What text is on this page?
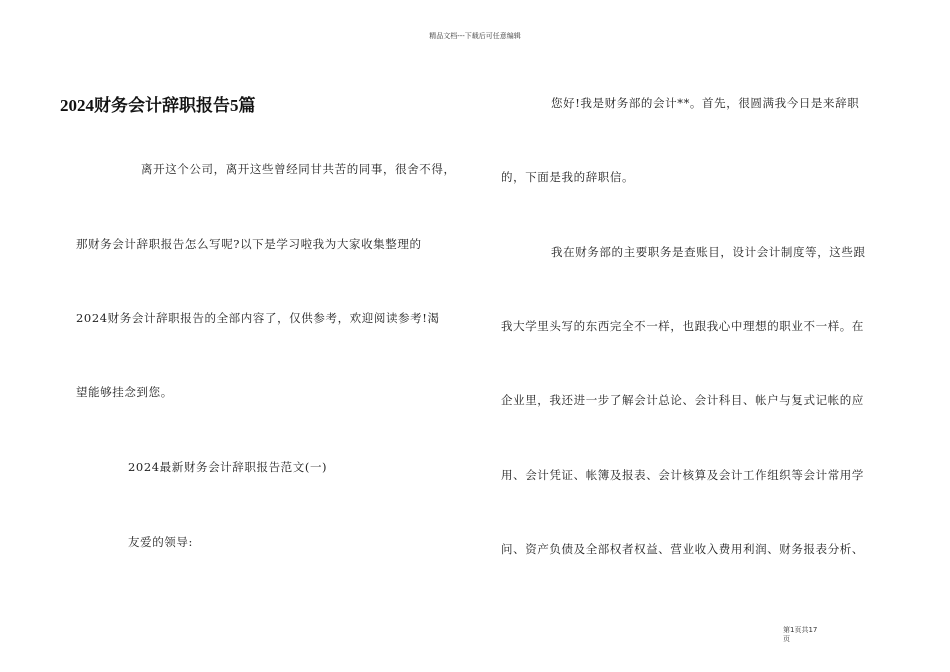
精品文档---下载后可任意编辑
2024财务会计辞职报告5篇
离开这个公司，离开这些曾经同甘共苦的同事，很舍不得，
那财务会计辞职报告怎么写呢?以下是学习啦我为大家收集整理的
2024财务会计辞职报告的全部内容了，仅供参考，欢迎阅读参考!渴
望能够挂念到您。
2024最新财务会计辞职报告范文(一)
友爱的领导:
您好!我是财务部的会计**。首先，很圆满我今日是来辞职
的，下面是我的辞职信。
我在财务部的主要职务是查账目，设计会计制度等，这些跟
我大学里头写的东西完全不一样，也跟我心中理想的职业不一样。在
企业里，我还进一步了解会计总论、会计科目、帐户与复式记帐的应
用、会计凭证、帐簿及报表、会计核算及会计工作组织等会计常用学
问、资产负债及全部权者权益、营业收入费用利润、财务报表分析、
第1页共17页
